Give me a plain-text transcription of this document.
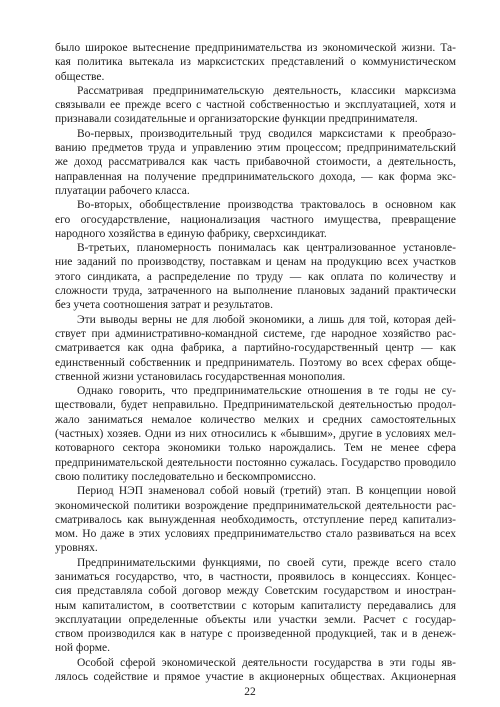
было широкое вытеснение предпринимательства из экономической жизни. Та-
кая политика вытекала из марксистских представлений о коммунистическом
обществе.
Рассматривая предпринимательскую деятельность, классики марксизма
связывали ее прежде всего с частной собственностью и эксплуатацией, хотя и
признавали созидательные и организаторские функции предпринимателя.
Во-первых, производительный труд сводился марксистами к преобразо-
ванию предметов труда и управлению этим процессом; предпринимательский
же доход рассматривался как часть прибавочной стоимости, а деятельность,
направленная на получение предпринимательского дохода, — как форма экс-
плуатации рабочего класса.
Во-вторых, обобществление производства трактовалось в основном как
его огосударствление, национализация частного имущества, превращение
народного хозяйства в единую фабрику, сверхсиндикат.
В-третьих, планомерность понималась как централизованное установле-
ние заданий по производству, поставкам и ценам на продукцию всех участков
этого синдиката, а распределение по труду — как оплата по количеству и
сложности труда, затраченного на выполнение плановых заданий практически
без учета соотношения затрат и результатов.
Эти выводы верны не для любой экономики, а лишь для той, которая дей-
ствует при административно-командной системе, где народное хозяйство рас-
сматривается как одна фабрика, а партийно-государственный центр — как
единственный собственник и предприниматель. Поэтому во всех сферах обще-
ственной жизни установилась государственная монополия.
Однако говорить, что предпринимательские отношения в те годы не су-
ществовали, будет неправильно. Предпринимательской деятельностью продол-
жало заниматься немалое количество мелких и средних самостоятельных
(частных) хозяев. Одни из них относились к «бывшим», другие в условиях мел-
котоварного сектора экономики только нарождались. Тем не менее сфера
предпринимательской деятельности постоянно сужалась. Государство проводило
свою политику последовательно и бескомпромиссно.
Период НЭП знаменовал собой новый (третий) этап. В концепции новой
экономической политики возрождение предпринимательской деятельности рас-
сматривалось как вынужденная необходимость, отступление перед капитализ-
мом. Но даже в этих условиях предпринимательство стало развиваться на всех
уровнях.
Предпринимательскими функциями, по своей сути, прежде всего стало
заниматься государство, что, в частности, проявилось в концессиях. Концес-
сия представляла собой договор между Советским государством и иностран-
ным капиталистом, в соответствии с которым капиталисту передавались для
эксплуатации определенные объекты или участки земли. Расчет с государ-
ством производился как в натуре с произведенной продукцией, так и в денеж-
ной форме.
Особой сферой экономической деятельности государства в эти годы яв-
лялось содействие и прямое участие в акционерных обществах. Акционерная
22
